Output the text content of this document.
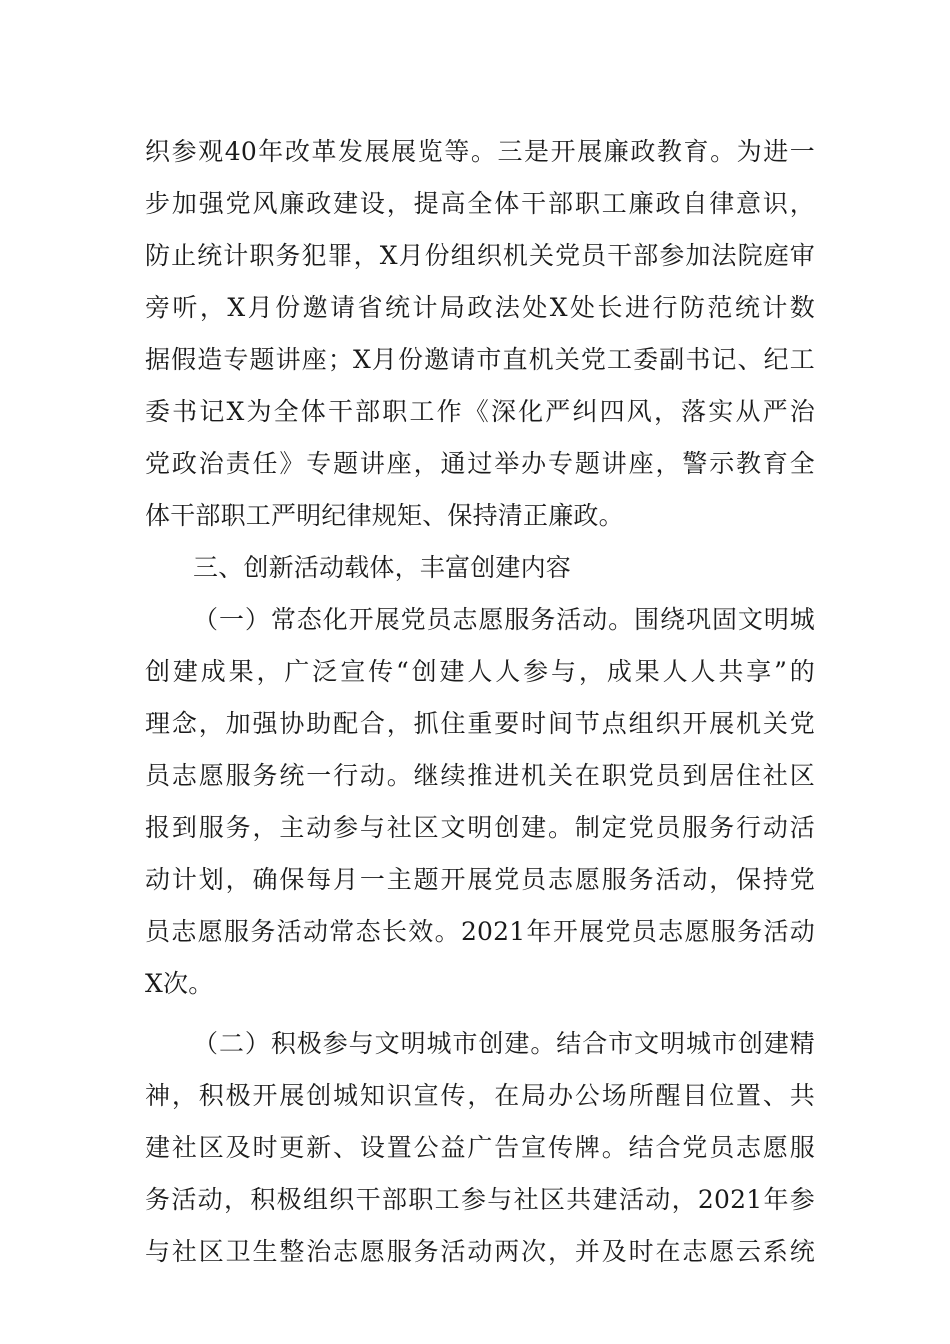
织参观40年改革发展展览等。三是开展廉政教育。为进一
步加强党风廉政建设，提高全体干部职工廉政自律意识，
防止统计职务犯罪，X月份组织机关党员干部参加法院庭审
旁听，X月份邀请省统计局政法处X处长进行防范统计数
据假造专题讲座；X月份邀请市直机关党工委副书记、纪工
委书记X为全体干部职工作《深化严纠四风，落实从严治
党政治责任》专题讲座，通过举办专题讲座，警示教育全
体干部职工严明纪律规矩、保持清正廉政。
三、创新活动载体，丰富创建内容
（一）常态化开展党员志愿服务活动。围绕巩固文明城
创建成果，广泛宣传“创建人人参与，成果人人共享”的
理念，加强协助配合，抓住重要时间节点组织开展机关党
员志愿服务统一行动。继续推进机关在职党员到居住社区
报到服务，主动参与社区文明创建。制定党员服务行动活
动计划，确保每月一主题开展党员志愿服务活动，保持党
员志愿服务活动常态长效。2021年开展党员志愿服务活动
X次。
（二）积极参与文明城市创建。结合市文明城市创建精
神，积极开展创城知识宣传，在局办公场所醒目位置、共
建社区及时更新、设置公益广告宣传牌。结合党员志愿服
务活动，积极组织干部职工参与社区共建活动，2021年参
与社区卫生整治志愿服务活动两次，并及时在志愿云系统
